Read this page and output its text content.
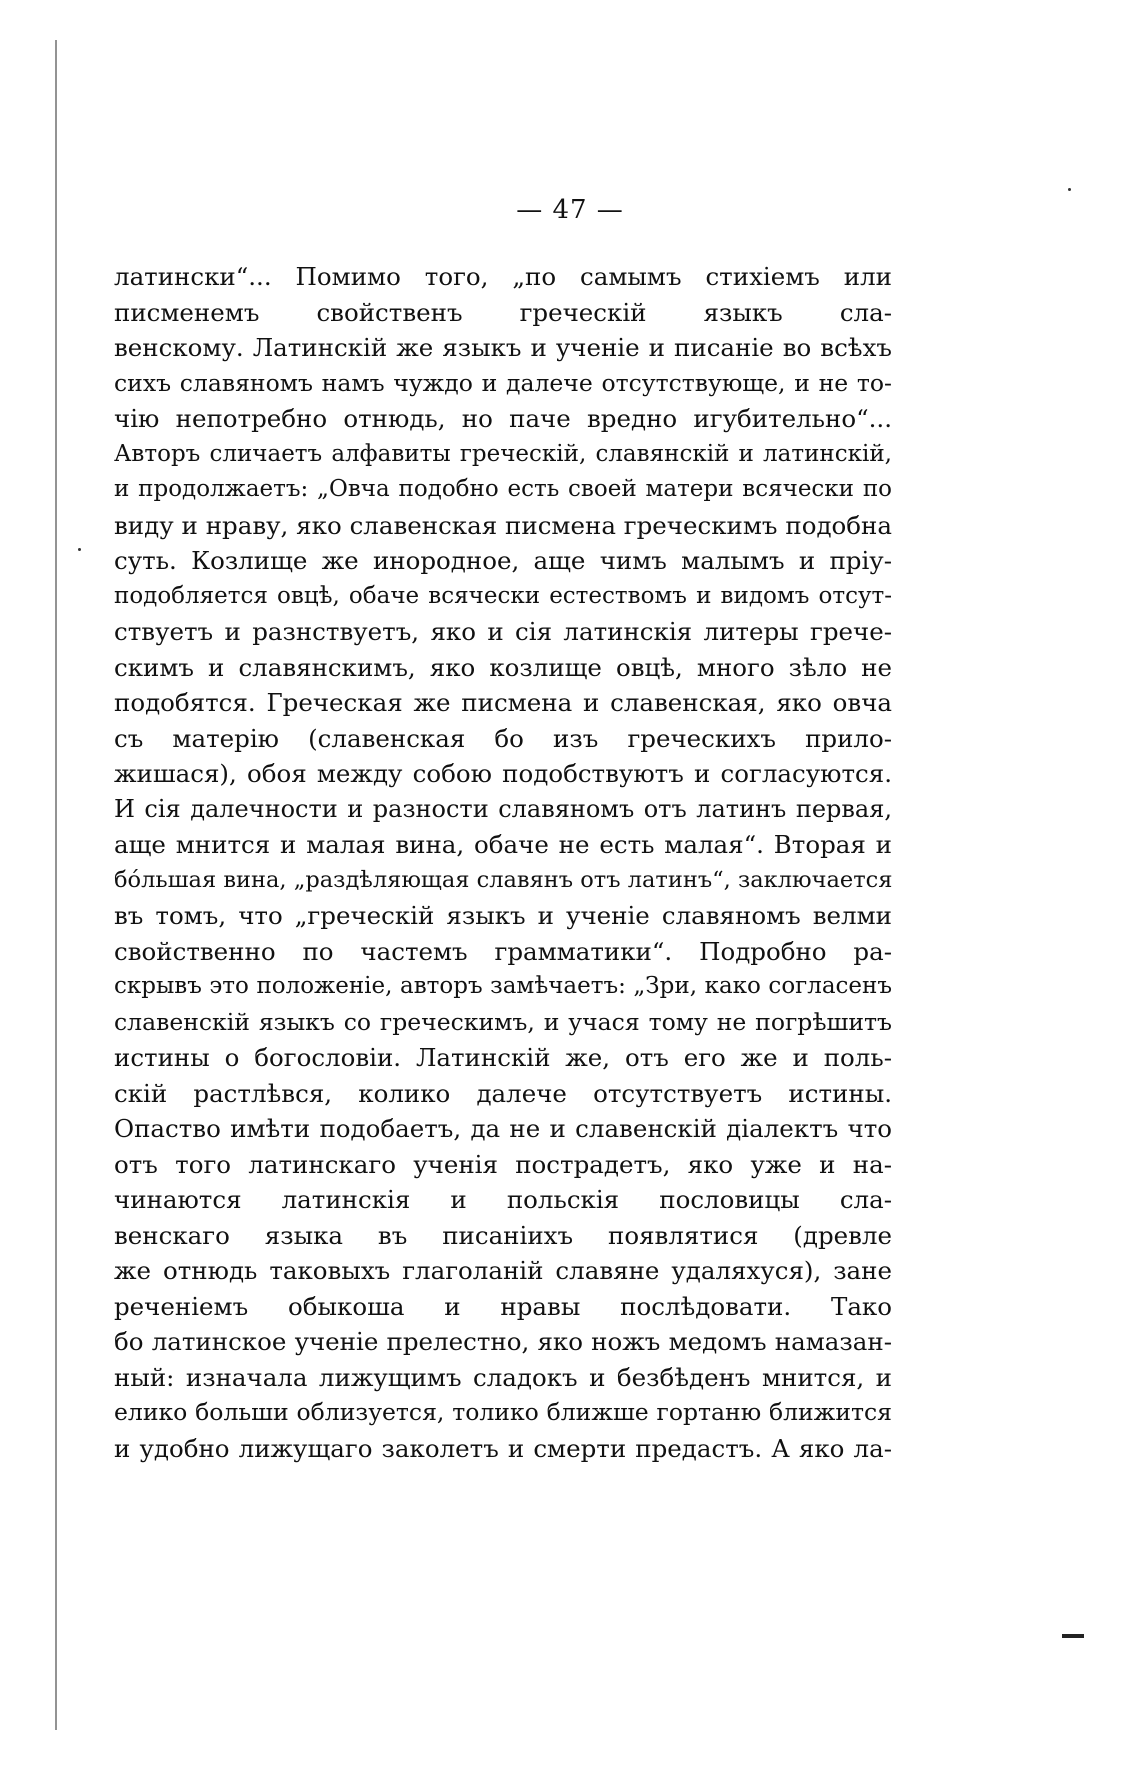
— 47 —
латински“... Помимо того, „по самымъ стихіемъ или
писменемъ свойственъ греческій языкъ сла-
венскому. Латинскій же языкъ и ученіе и писаніе во всѣхъ
сихъ славяномъ намъ чуждо и далече отсутствующе, и не то-
чію непотребно отнюдь, но паче вредно игубительно“...
Авторъ сличаетъ алфавиты греческій, славянскій и латинскій,
и продолжаетъ: „Овча подобно есть своей матери всячески по
виду и нраву, яко славенская писмена греческимъ подобна
суть. Козлище же инородное, аще чимъ малымъ и пріу-
подобляется овцѣ, обаче всячески естествомъ и видомъ отсут-
ствуетъ и разнствуетъ, яко и сія латинскія литеры грече-
скимъ и славянскимъ, яко козлище овцѣ, много зѣло не
подобятся. Греческая же писмена и славенская, яко овча
съ матерію (славенская бо изъ греческихъ прило-
жишася), обоя между собою подобствуютъ и согласуются.
И сія далечности и разности славяномъ отъ латинъ первая,
аще мнится и малая вина, обаче не есть малая“. Вторая и
бóльшая вина, „раздѣляющая славянъ отъ латинъ“, заключается
въ томъ, что „греческій языкъ и ученіе славяномъ велми
свойственно по частемъ грамматики“. Подробно ра-
скрывъ это положеніе, авторъ замѣчаетъ: „Зри, како согласенъ
славенскій языкъ со греческимъ, и учася тому не погрѣшитъ
истины о богословіи. Латинскій же, отъ его же и поль-
скій растлѣвся, колико далече отсутствуетъ истины.
Опаство имѣти подобаетъ, да не и славенскій діалектъ что
отъ того латинскаго ученія пострадетъ, яко уже и на-
чинаются латинскія и польскія пословицы сла-
венскаго языка въ писаніихъ появлятися (древле
же отнюдь таковыхъ глаголаній славяне удаляхуся), зане
реченіемъ обыкоша и нравы послѣдовати. Тако
бо латинское ученіе прелестно, яко ножъ медомъ намазан-
ный: изначала лижущимъ сладокъ и безбѣденъ мнится, и
елико больши облизуется, толико ближше гортаню ближится
и удобно лижущаго заколетъ и смерти предастъ. А яко ла-
